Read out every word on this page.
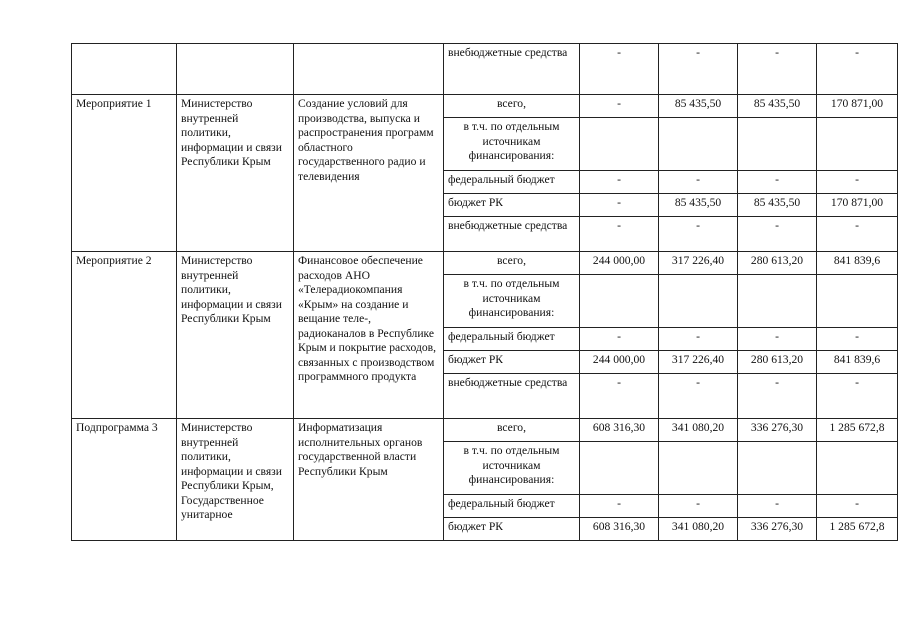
			внебюджетные средства	-	-	-	-
Мероприятие 1	Министерство внутренней политики, информации и связи Республики Крым	Создание условий для производства, выпуска и распространения программ областного государственного радио и телевидения	всего,	-	85 435,50	85 435,50	170 871,00
			в т.ч. по отдельным источникам финансирования:				
			федеральный бюджет	-	-	-	-
			бюджет РК	-	85 435,50	85 435,50	170 871,00
			внебюджетные средства	-	-	-	-
Мероприятие 2	Министерство внутренней политики, информации и связи Республики Крым	Финансовое обеспечение расходов АНО «Телерадиокомпания «Крым» на создание и вещание теле-, радиоканалов в Республике Крым и покрытие расходов, связанных с производством программного продукта	всего,	244 000,00	317 226,40	280 613,20	841 839,6
			в т.ч. по отдельным источникам финансирования:				
			федеральный бюджет	-	-	-	-
			бюджет РК	244 000,00	317 226,40	280 613,20	841 839,6
			внебюджетные средства	-	-	-	-
Подпрограмма 3	Министерство внутренней политики, информации и связи Республики Крым, Государственное унитарное	Информатизация исполнительных органов государственной власти Республики Крым	всего,	608 316,30	341 080,20	336 276,30	1 285 672,8
			в т.ч. по отдельным источникам финансирования:				
			федеральный бюджет	-	-	-	-
			бюджет РК	608 316,30	341 080,20	336 276,30	1 285 672,8
